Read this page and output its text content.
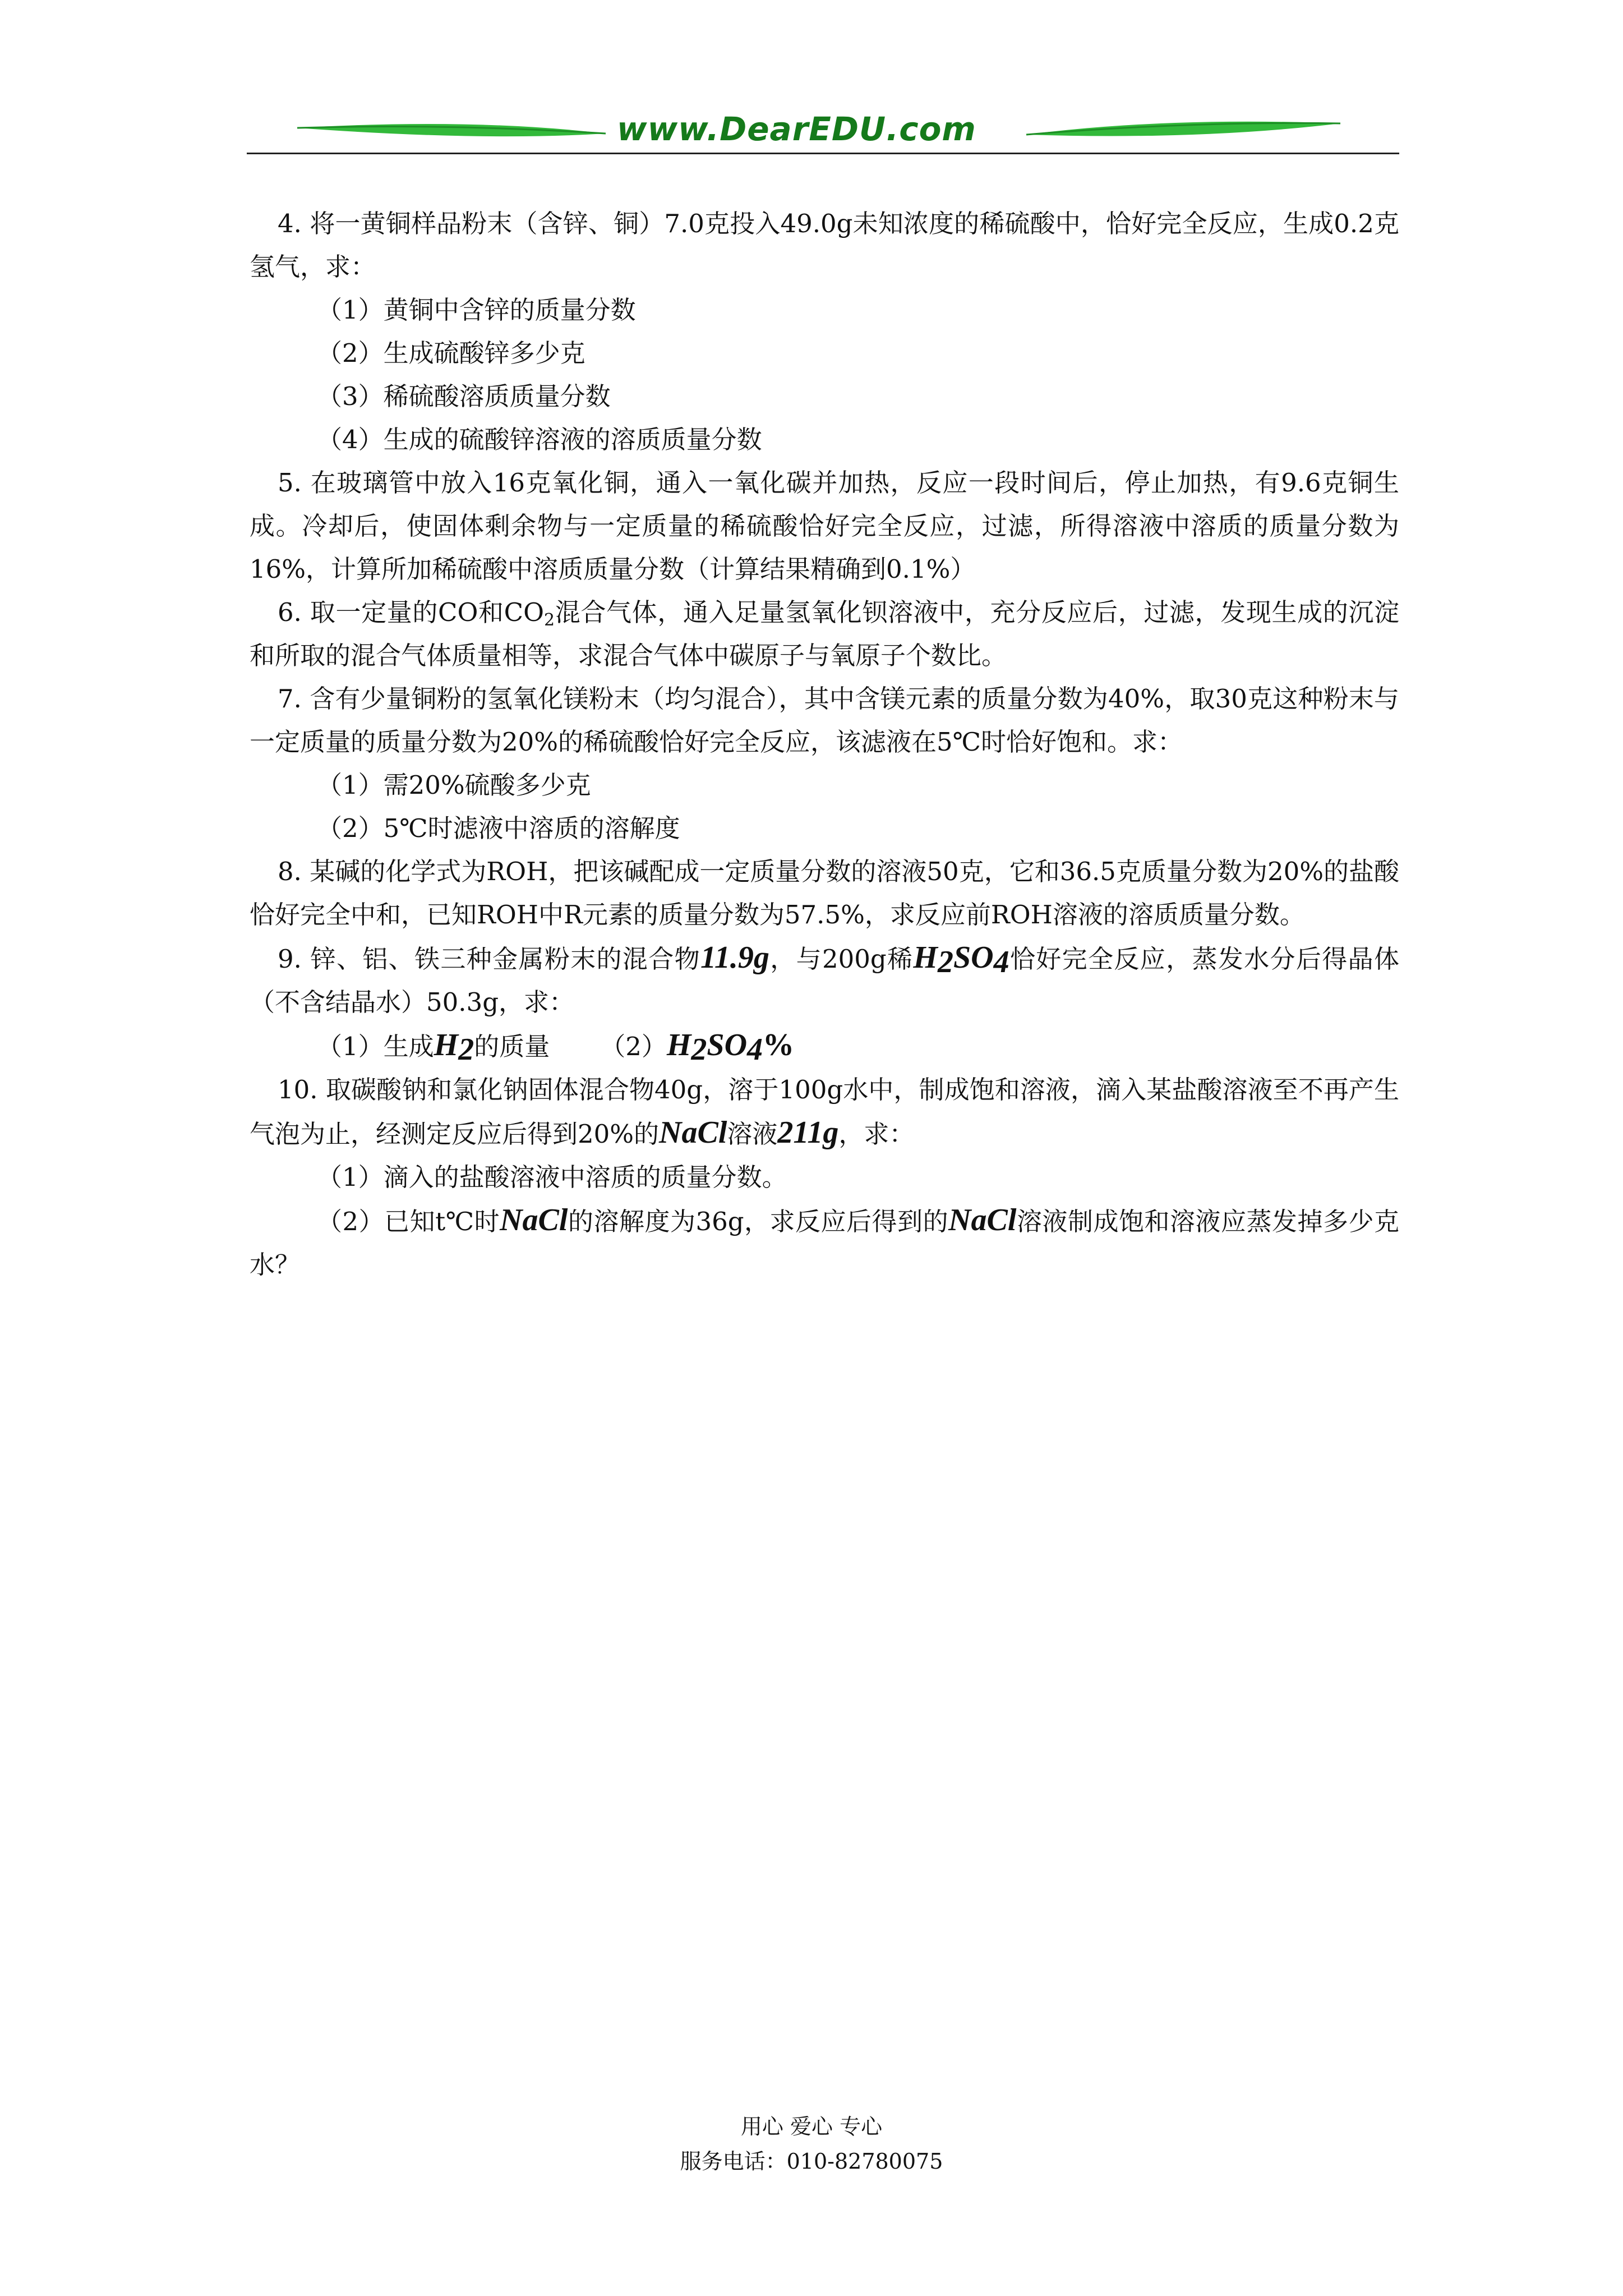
www.DearEDU.com

4. 将一黄铜样品粉末（含锌、铜）7.0克投入49.0g未知浓度的稀硫酸中，恰好完全反应，生成0.2克氢气，求：

（1）黄铜中含锌的质量分数

（2）生成硫酸锌多少克

（3）稀硫酸溶质质量分数

（4）生成的硫酸锌溶液的溶质质量分数

5. 在玻璃管中放入16克氧化铜，通入一氧化碳并加热，反应一段时间后，停止加热，有9.6克铜生成。冷却后，使固体剩余物与一定质量的稀硫酸恰好完全反应，过滤，所得溶液中溶质的质量分数为16%，计算所加稀硫酸中溶质质量分数（计算结果精确到0.1%）

6. 取一定量的CO和$CO_2$混合气体，通入足量氢氧化钡溶液中，充分反应后，过滤，发现生成的沉淀和所取的混合气体质量相等，求混合气体中碳原子与氧原子个数比。

7. 含有少量铜粉的氢氧化镁粉末（均匀混合），其中含镁元素的质量分数为40%，取30克这种粉末与一定质量的质量分数为20%的稀硫酸恰好完全反应，该滤液在5℃时恰好饱和。求：

（1）需20%硫酸多少克

（2）5℃时滤液中溶质的溶解度

8. 某碱的化学式为ROH，把该碱配成一定质量分数的溶液50克，它和36.5克质量分数为20%的盐酸恰好完全中和，已知ROH中R元素的质量分数为57.5%，求反应前ROH溶液的溶质质量分数。

9. 锌、铝、铁三种金属粉末的混合物11.9g，与200g稀$H_2SO_4$恰好完全反应，蒸发水分后得晶体（不含结晶水）50.3g，求：

（1）生成$H_2$的质量 $(2)H_2SO_4\%$

10. 取碳酸钠和氯化钠固体混合物40g，溶于100g水中，制成饱和溶液，滴入某盐酸溶液至不再产生气泡为止，经测定反应后得到20%的NaCl溶液211g，求：

（1）滴入的盐酸溶液中溶质的质量分数。

（2）已知t℃时NaCl的溶解度为36g，求反应后得到的NaCl溶液制成饱和溶液应蒸发掉多少克水？

用心 爱心 专心
服务电话：010-82780075
